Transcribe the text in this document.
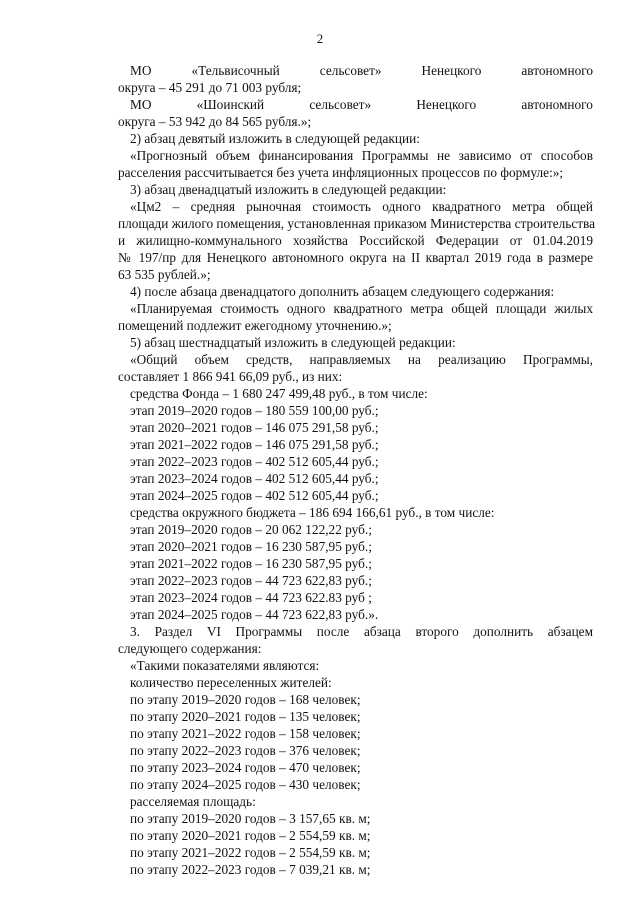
2
МО	«Тельвисочный	сельсовет»	Ненецкого	автономного
округа – 45 291 до 71 003 рубля;
МО	«Шоинский	сельсовет»	Ненецкого	автономного
округа – 53 942 до 84 565 рубля.»;
2) абзац девятый изложить в следующей редакции:
«Прогнозный объем финансирования Программы не зависимо от способов
расселения рассчитывается без учета инфляционных процессов по формуле:»;
3) абзац двенадцатый изложить в следующей редакции:
«Цм2 – средняя рыночная стоимость одного квадратного метра общей
площади жилого помещения, установленная приказом Министерства строительства
и жилищно-коммунального хозяйства Российской Федерации от 01.04.2019
№ 197/пр для Ненецкого автономного округа на II квартал 2019 года в размере
63 535 рублей.»;
4) после абзаца двенадцатого дополнить абзацем следующего содержания:
«Планируемая стоимость одного квадратного метра общей площади жилых
помещений подлежит ежегодному уточнению.»;
5) абзац шестнадцатый изложить в следующей редакции:
«Общий объем средств, направляемых на реализацию Программы,
составляет 1 866 941 66,09 руб., из них:
средства Фонда – 1 680 247 499,48 руб., в том числе:
этап 2019–2020 годов – 180 559 100,00 руб.;
этап 2020–2021 годов – 146 075 291,58 руб.;
этап 2021–2022 годов – 146 075 291,58 руб.;
этап 2022–2023 годов – 402 512 605,44 руб.;
этап 2023–2024 годов – 402 512 605,44 руб.;
этап 2024–2025 годов – 402 512 605,44 руб.;
средства окружного бюджета – 186 694 166,61 руб., в том числе:
этап 2019–2020 годов – 20 062 122,22 руб.;
этап 2020–2021 годов – 16 230 587,95 руб.;
этап 2021–2022 годов – 16 230 587,95 руб.;
этап 2022–2023 годов – 44 723 622,83 руб.;
этап 2023–2024 годов – 44 723 622.83 руб ;
этап 2024–2025 годов – 44 723 622,83 руб.».
3. Раздел VI Программы после абзаца второго дополнить абзацем
следующего содержания:
«Такими показателями являются:
количество переселенных жителей:
по этапу 2019–2020 годов – 168 человек;
по этапу 2020–2021 годов – 135 человек;
по этапу 2021–2022 годов – 158 человек;
по этапу 2022–2023 годов – 376 человек;
по этапу 2023–2024 годов – 470 человек;
по этапу 2024–2025 годов – 430 человек;
расселяемая площадь:
по этапу 2019–2020 годов – 3 157,65 кв. м;
по этапу 2020–2021 годов – 2 554,59 кв. м;
по этапу 2021–2022 годов – 2 554,59 кв. м;
по этапу 2022–2023 годов – 7 039,21 кв. м;
